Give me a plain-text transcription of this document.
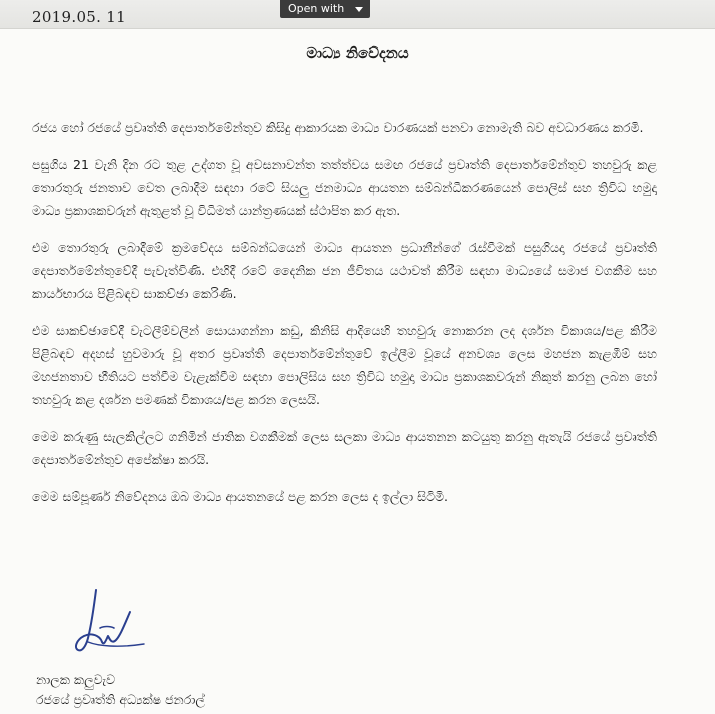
Open with
2019.05. 11
මාධ්‍ය නිවේදනය

රජය හෝ රජයේ ප්‍රවෘත්ති දෙපාර්තමේන්තුව කිසිදු ආකාරයක මාධ්‍ය වාරණයක් පනවා නොමැති බව අවධාරණය කරමි.

පසුගිය 21 වැනි දින රට තුළ උද්ගත වූ අවසනාවන්ත තත්ත්වය සමඟ රජයේ ප්‍රවෘත්ති දෙපාර්තමේන්තුව තහවුරු කළ තොරතුරු ජනතාව වෙත ලබාදීම සඳහා රටේ සියලු ජනමාධ්‍ය ආයතන සම්බන්ධීකරණයෙන් පොලිස් සහ ත්‍රිවිධ හමුදා මාධ්‍ය ප්‍රකාශකවරුන් ඇතුළත් වූ විධිමත් යාන්ත්‍රණයක් ස්ථාපිත කර ඇත.

එම තොරතුරු ලබාදීමේ ක්‍රමවේදය සම්බන්ධයෙන් මාධ්‍ය ආයතන ප්‍රධානීන්ගේ රැස්වීමක් පසුගියදා රජයේ ප්‍රවෘත්ති දෙපාර්තමේන්තුවේදී පැවැත්විණි. එහිදී රටේ දෛනික ජන ජීවිතය යථාවත් කිරීම සඳහා මාධ්‍යයේ සමාජ වගකීම සහ කාර්යභාරය පිළිබඳව සාකච්ඡා කෙරිණි.

එම සාකච්ඡාවේදී වැටලීම්වලින් සොයාගන්නා කඩු, කිනිසි ආදියෙහි තහවුරු නොකරන ලද දර්ශන විකාශය/පළ කිරීම පිළිබඳව අදහස් හුවමාරු වූ අතර ප්‍රවෘත්ති දෙපාර්තමේන්තුවේ ඉල්ලීම වූයේ අනවශ්‍ය ලෙස මහජන කැළඹීම් සහ මහජනතාව භීතියට පත්වීම වැළැක්වීම සඳහා පොලිසිය සහ ත්‍රිවිධ හමුදා මාධ්‍ය ප්‍රකාශකවරුන් නිකුත් කරනු ලබන හෝ තහවුරු කළ දර්ශන පමණක් විකාශය/පළ කරන ලෙසයි.

මෙම කරුණු සැලකිල්ලට ගනිමින් ජාතික වගකීමක් ලෙස සලකා මාධ්‍ය ආයතනන කටයුතු කරනු ඇතැයි රජයේ ප්‍රවෘත්ති දෙපාර්තමේන්තුව අපේක්ෂා කරයි.

මෙම සම්පූර්ණ නිවේදනය ඔබ මාධ්‍ය ආයතනයේ පළ කරන ලෙස ද ඉල්ලා සිටිමි.

නාලක කලුවැව
රජයේ ප්‍රවෘත්ති අධ්‍යක්ෂ ජනරාල්
